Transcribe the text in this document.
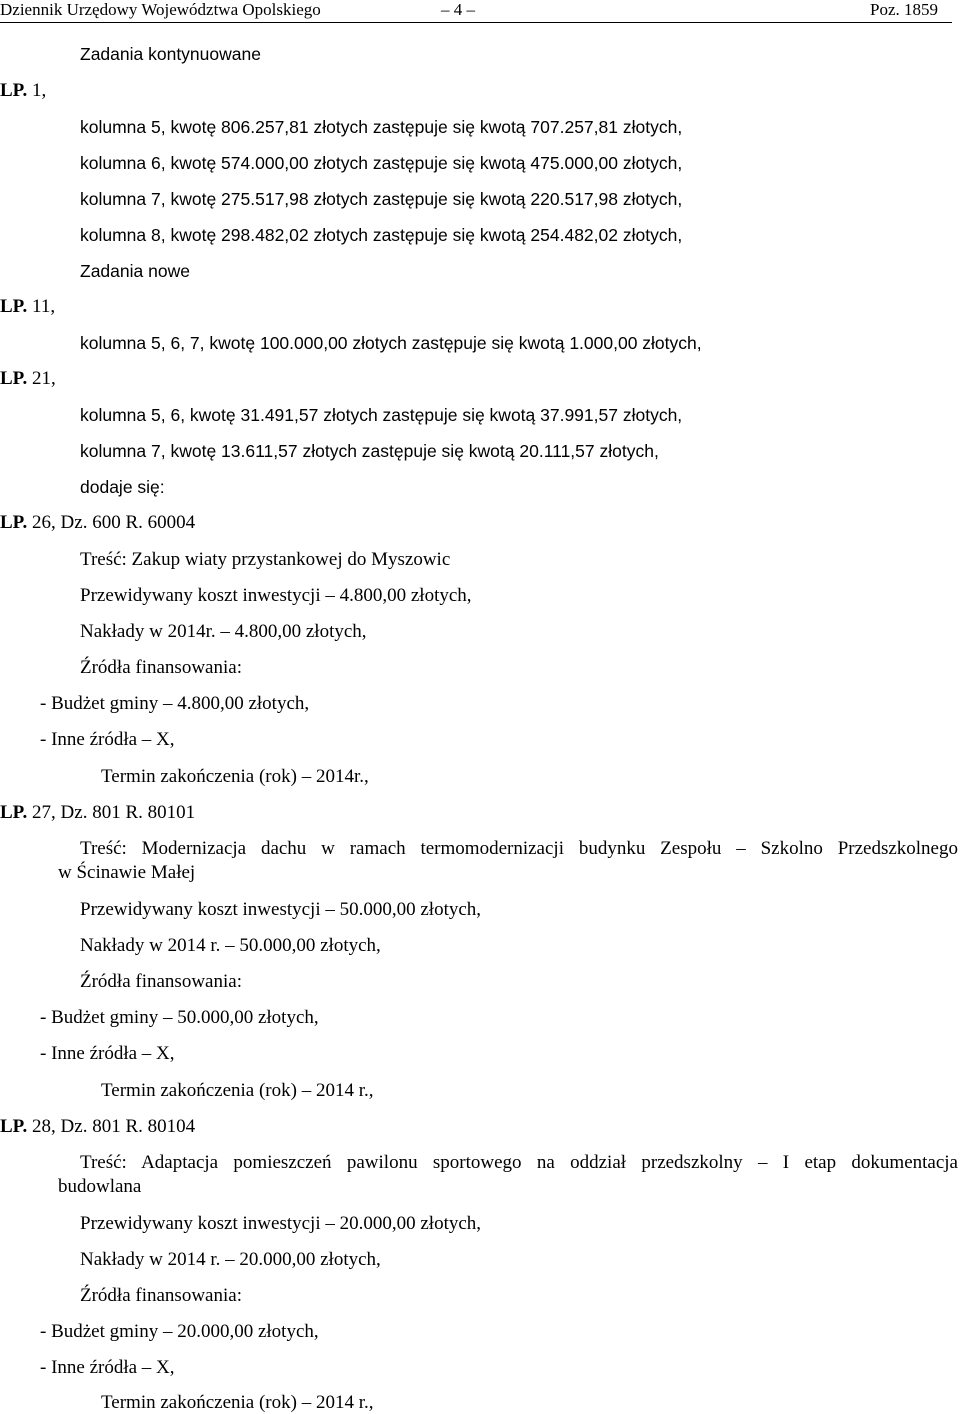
Dziennik Urzędowy Województwa Opolskiego	– 4 –	Poz. 1859
Zadania kontynuowane
LP. 1,
kolumna 5, kwotę 806.257,81 złotych zastępuje się kwotą 707.257,81 złotych,
kolumna 6, kwotę 574.000,00 złotych zastępuje się kwotą 475.000,00 złotych,
kolumna 7, kwotę 275.517,98 złotych zastępuje się kwotą 220.517,98 złotych,
kolumna 8, kwotę 298.482,02 złotych zastępuje się kwotą 254.482,02 złotych,
Zadania nowe
LP. 11,
kolumna 5, 6, 7, kwotę 100.000,00 złotych zastępuje się kwotą 1.000,00 złotych,
LP. 21,
kolumna 5, 6, kwotę 31.491,57 złotych zastępuje się kwotą 37.991,57 złotych,
kolumna 7, kwotę 13.611,57 złotych zastępuje się kwotą 20.111,57 złotych,
dodaje się:
LP. 26, Dz. 600 R. 60004
Treść: Zakup wiaty przystankowej do Myszowic
Przewidywany koszt inwestycji – 4.800,00 złotych,
Nakłady w 2014r. – 4.800,00 złotych,
Źródła finansowania:
- Budżet gminy – 4.800,00 złotych,
- Inne źródła – X,
Termin zakończenia (rok) – 2014r.,
LP. 27, Dz. 801 R. 80101
Treść: Modernizacja dachu w ramach termomodernizacji budynku Zespołu – Szkolno Przedszkolnego
w Ścinawie Małej
Przewidywany koszt inwestycji – 50.000,00 złotych,
Nakłady w 2014 r. – 50.000,00 złotych,
Źródła finansowania:
- Budżet gminy – 50.000,00 złotych,
- Inne źródła – X,
Termin zakończenia (rok) – 2014 r.,
LP. 28, Dz. 801 R. 80104
Treść: Adaptacja pomieszczeń pawilonu sportowego na oddział przedszkolny – I etap dokumentacja
budowlana
Przewidywany koszt inwestycji – 20.000,00 złotych,
Nakłady w 2014 r. – 20.000,00 złotych,
Źródła finansowania:
- Budżet gminy – 20.000,00 złotych,
- Inne źródła – X,
Termin zakończenia (rok) – 2014 r.,
